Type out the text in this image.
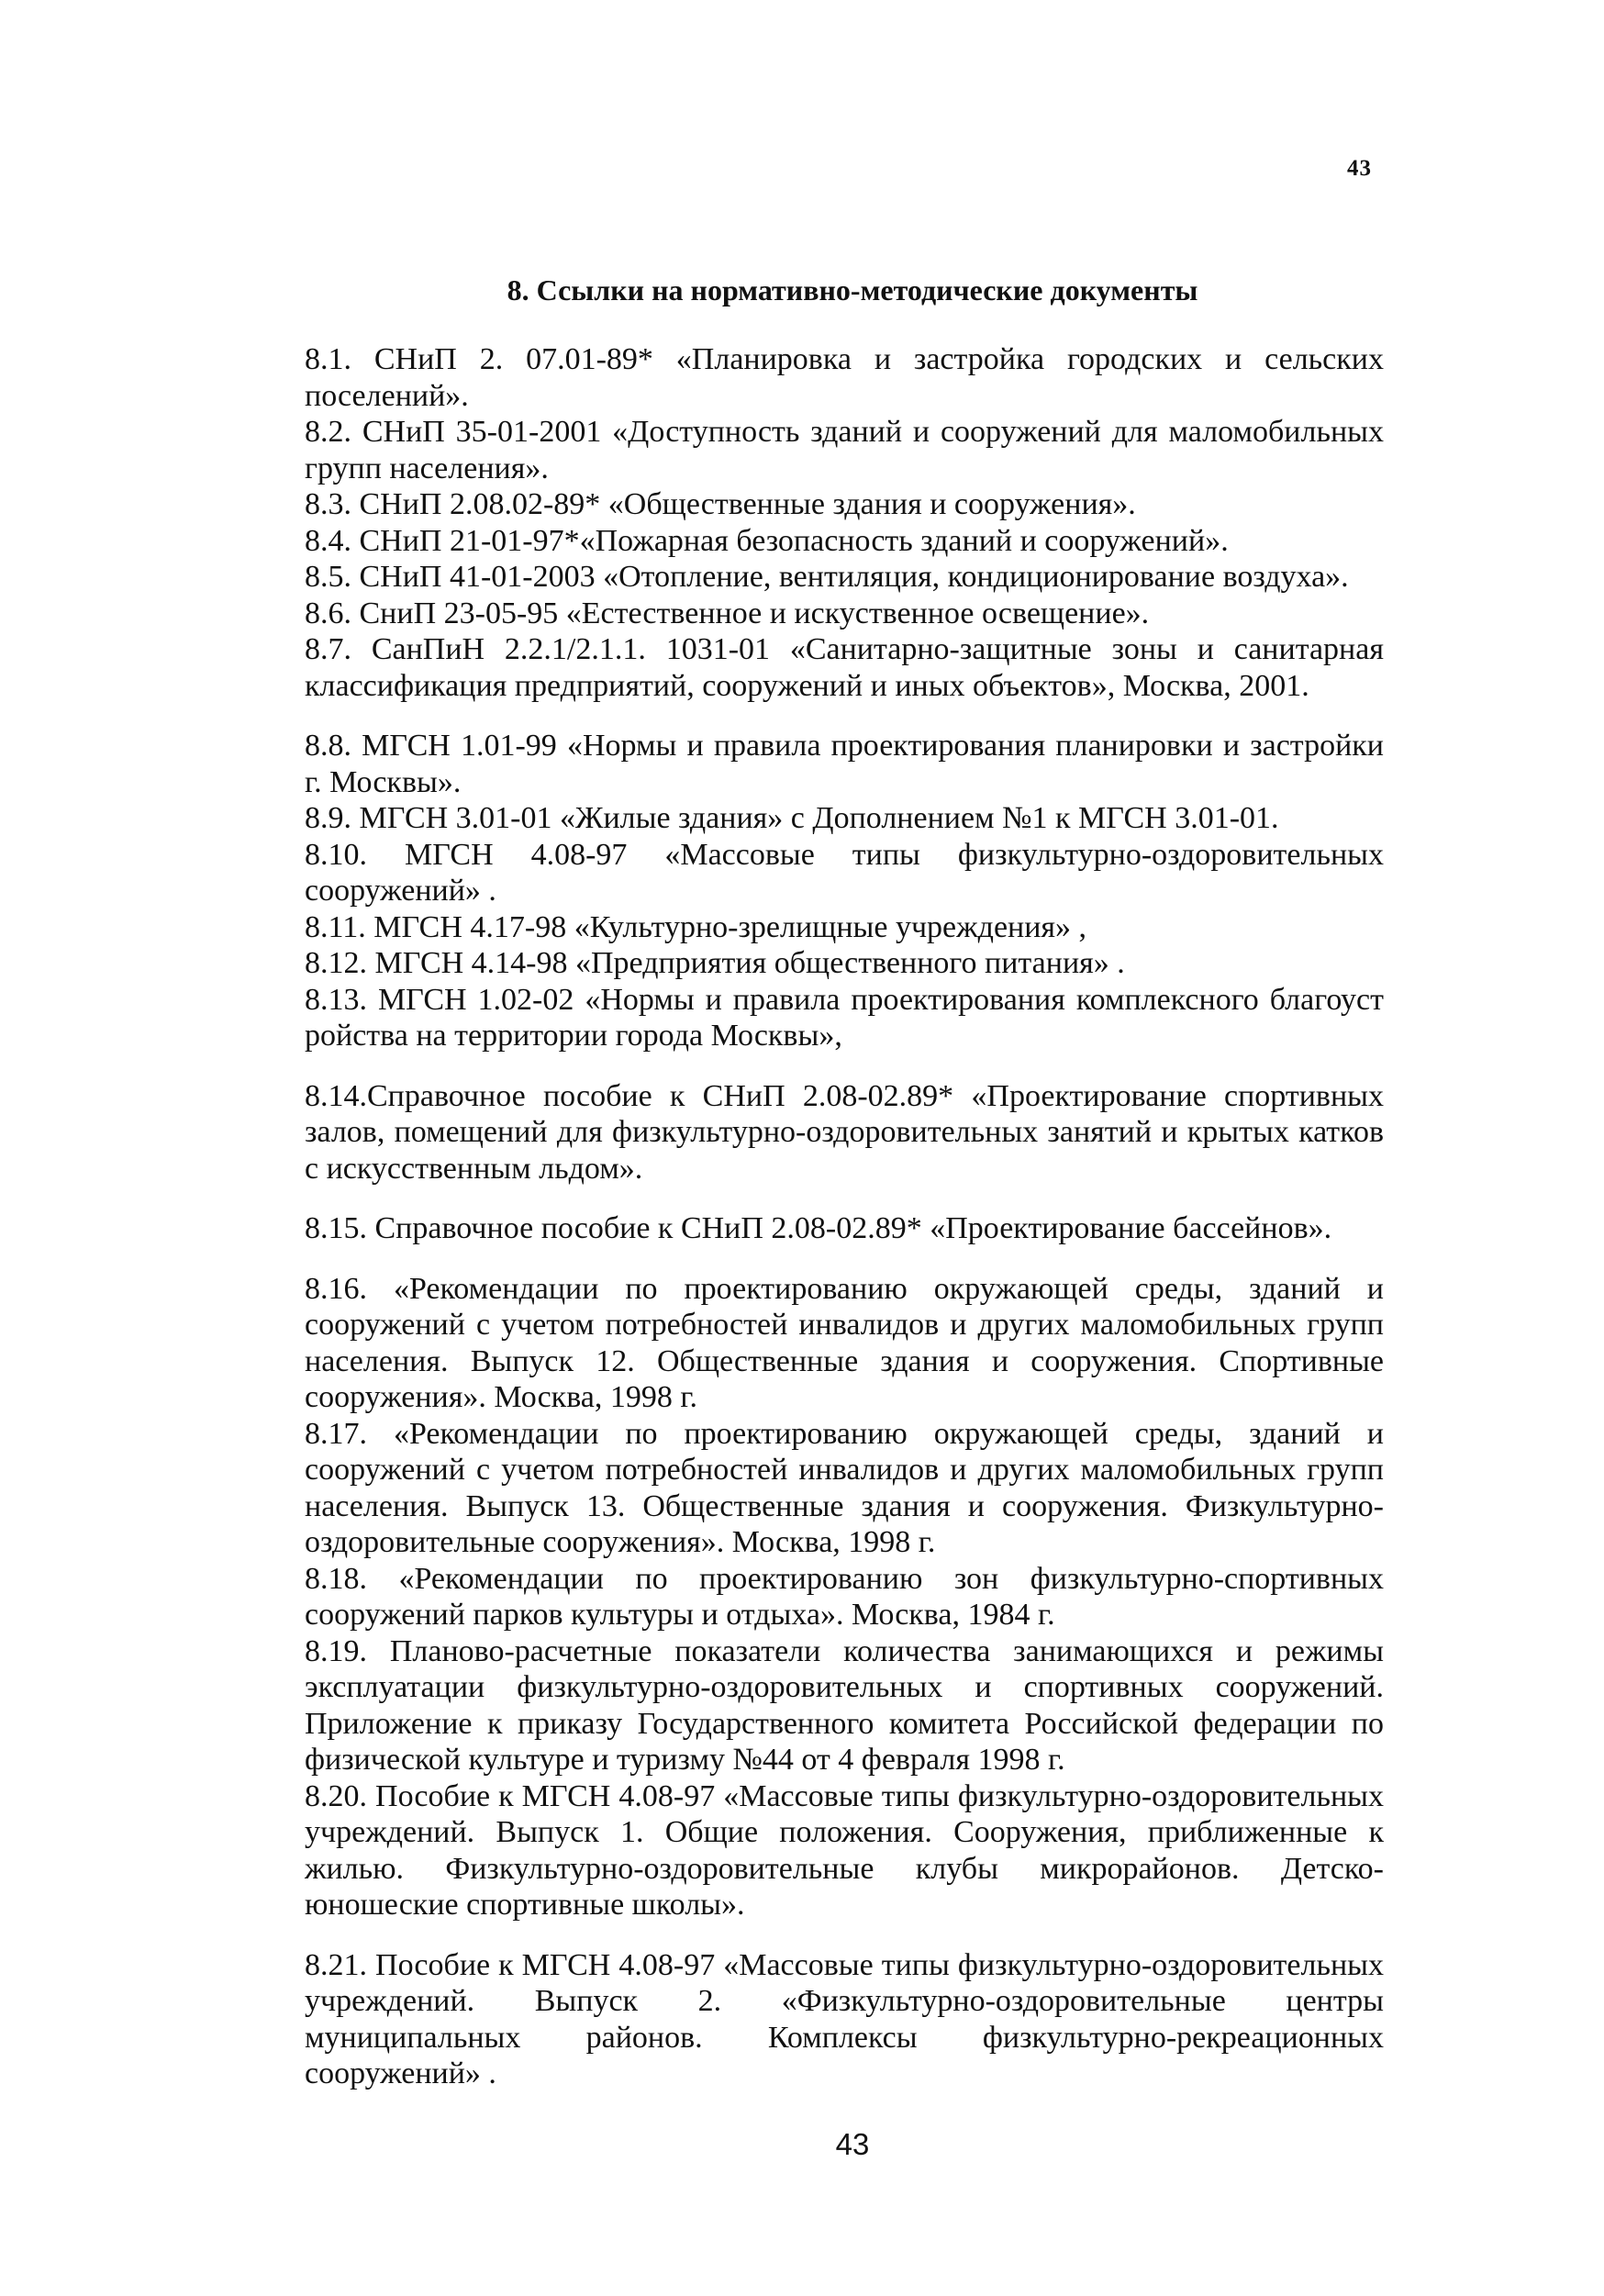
43
8. Ссылки на нормативно-методические документы
8.1. СНиП 2. 07.01-89* «Планировка и застройка городских и сельских поселений».
8.2. СНиП 35-01-2001 «Доступность зданий и сооружений для маломобильных групп населения».
8.3. СНиП 2.08.02-89* «Общественные здания и сооружения».
8.4. СНиП 21-01-97*«Пожарная безопасность зданий и сооружений».
8.5. СНиП 41-01-2003 «Отопление, вентиляция, кондиционирование воздуха».
8.6. СниП 23-05-95 «Естественное и искуственное освещение».
8.7. СанПиН 2.2.1/2.1.1. 1031-01 «Санитарно-защитные зоны и санитарная классификация предприятий, сооружений и иных объектов», Москва, 2001.
8.8. МГСН 1.01-99 «Нормы и правила проектирования планировки и застройки г. Москвы».
8.9. МГСН 3.01-01 «Жилые здания» с Дополнением №1 к МГСН 3.01-01.
8.10. МГСН 4.08-97 «Массовые типы физкультурно-оздоровительных сооружений» .
8.11. МГСН 4.17-98 «Культурно-зрелищные учреждения» ,
8.12. МГСН 4.14-98 «Предприятия общественного питания» .
8.13. МГСН 1.02-02 «Нормы и правила проектирования комплексного благоуст ройства на территории города Москвы»,
8.14.Справочное пособие к СНиП 2.08-02.89* «Проектирование спортивных залов, помещений для физкультурно-оздоровительных занятий и крытых катков с искусственным льдом».
8.15. Справочное пособие к СНиП 2.08-02.89* «Проектирование бассейнов».
8.16. «Рекомендации по проектированию окружающей среды, зданий и сооружений с учетом потребностей инвалидов и других маломобильных групп населения. Выпуск 12. Общественные здания и сооружения. Спортивные сооружения». Москва, 1998 г.
8.17. «Рекомендации по проектированию окружающей среды, зданий и сооружений с учетом потребностей инвалидов и других маломобильных групп населения. Выпуск 13. Общественные здания и сооружения. Физкультурно-оздоровительные сооружения». Москва, 1998 г.
8.18. «Рекомендации по проектированию зон физкультурно-спортивных сооружений парков культуры и отдыха». Москва, 1984 г.
8.19. Планово-расчетные показатели количества занимающихся и режимы эксплуатации физкультурно-оздоровительных и спортивных сооружений. Приложение к приказу Государственного комитета Российской федерации по физической культуре и туризму №44 от 4 февраля 1998 г.
8.20. Пособие к МГСН 4.08-97 «Массовые типы физкультурно-оздоровительных учреждений. Выпуск 1. Общие положения. Сооружения, приближенные к жилью. Физкультурно-оздоровительные клубы микрорайонов. Детско-юношеские спортивные школы».
8.21. Пособие к МГСН 4.08-97 «Массовые типы физкультурно-оздоровительных учреждений. Выпуск 2. «Физкультурно-оздоровительные центры муниципальных районов. Комплексы физкультурно-рекреационных сооружений» .
43
